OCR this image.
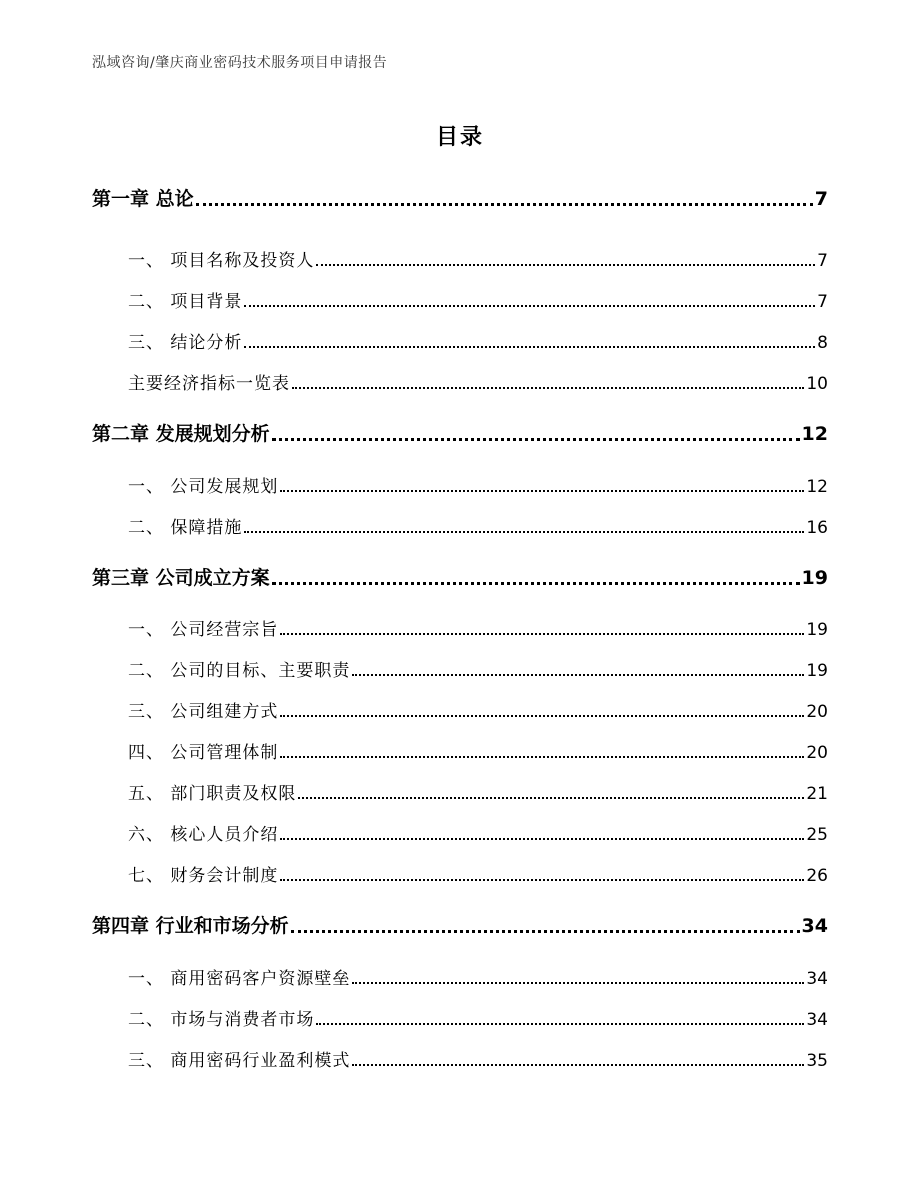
泓域咨询/肇庆商业密码技术服务项目申请报告
目录
第一章 总论	7
一、 项目名称及投资人	7
二、 项目背景	7
三、 结论分析	8
主要经济指标一览表	10
第二章 发展规划分析	12
一、 公司发展规划	12
二、 保障措施	16
第三章 公司成立方案	19
一、 公司经营宗旨	19
二、 公司的目标、主要职责	19
三、 公司组建方式	20
四、 公司管理体制	20
五、 部门职责及权限	21
六、 核心人员介绍	25
七、 财务会计制度	26
第四章 行业和市场分析	34
一、 商用密码客户资源壁垒	34
二、 市场与消费者市场	34
三、 商用密码行业盈利模式	35
